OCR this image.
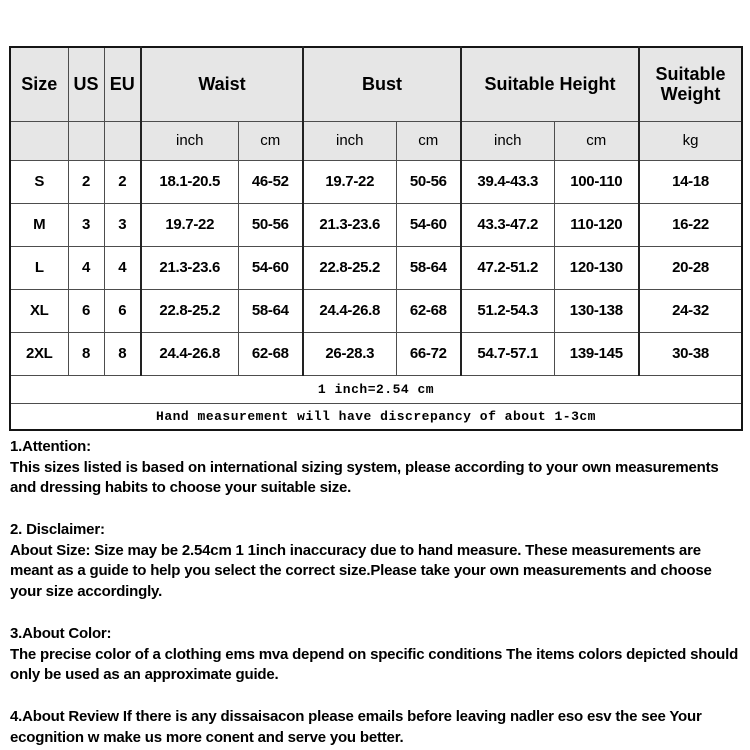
Size	US	EU	Waist		Bust		Suitable Height		Suitable Weight
			inch	cm	inch	cm	inch	cm	kg
S	2	2	18.1-20.5	46-52	19.7-22	50-56	39.4-43.3	100-110	14-18
M	3	3	19.7-22	50-56	21.3-23.6	54-60	43.3-47.2	110-120	16-22
L	4	4	21.3-23.6	54-60	22.8-25.2	58-64	47.2-51.2	120-130	20-28
XL	6	6	22.8-25.2	58-64	24.4-26.8	62-68	51.2-54.3	130-138	24-32
2XL	8	8	24.4-26.8	62-68	26-28.3	66-72	54.7-57.1	139-145	30-38
1 inch=2.54 cm									
Hand measurement will have discrepancy of about 1-3cm									
1.Attention:
This sizes listed is based on international sizing system, please according to your own measurements and dressing habits to choose your suitable size.
2. Disclaimer:
About Size: Size may be 2.54cm 1 1inch inaccuracy due to hand measure. These measurements are meant as a guide to help you select the correct size.Please take your own measurements and choose your size accordingly.
3.About Color:
The precise color of a clothing ems mva depend on specific conditions The items colors depicted should only be used as an approximate guide.
4.About Review If there is any dissaisacon please emails before leaving nadler eso esv the see Your ecognition w make us more conent and serve you better.
